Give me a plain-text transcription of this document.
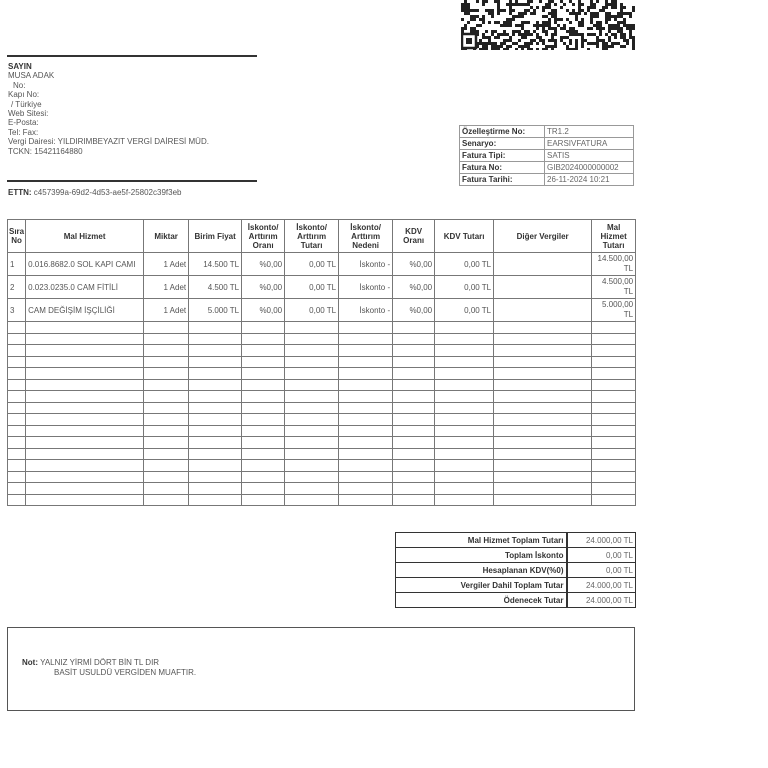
SAYIN
MUSA ADAK
No:
Kapı No:
/ Türkiye
Web Sitesi:
E-Posta:
Tel: Fax:
Vergi Dairesi: YILDIRIMBEYAZIT VERGİ DAİRESİ MÜD.
TCKN: 15421164880
ETTN: c457399a-69d2-4d53-ae5f-25802c39f3eb
Özelleştirme No:	TR1.2
Senaryo:	EARSIVFATURA
Fatura Tipi:	SATIS
Fatura No:	GIB2024000000002
Fatura Tarihi:	26-11-2024 10:21
Sıra No	Mal Hizmet	Miktar	Birim Fiyat	İskonto/ Arttırım Oranı	İskonto/ Arttırım Tutarı	İskonto/ Arttırım Nedeni	KDV Oranı	KDV Tutarı	Diğer Vergiler	Mal Hizmet Tutarı
1	0.016.8682.0 SOL KAPI CAMI	1 Adet	14.500 TL	%0,00	0,00 TL	İskonto -	%0,00	0,00 TL		14.500,00 TL
2	0.023.0235.0 CAM FİTİLİ	1 Adet	4.500 TL	%0,00	0,00 TL	İskonto -	%0,00	0,00 TL		4.500,00 TL
3	CAM DEĞİŞİM İŞÇİLİĞİ	1 Adet	5.000 TL	%0,00	0,00 TL	İskonto -	%0,00	0,00 TL		5.000,00 TL

Mal Hizmet Toplam Tutarı	24.000,00 TL
Toplam İskonto	0,00 TL
Hesaplanan KDV(%0)	0,00 TL
Vergiler Dahil Toplam Tutar	24.000,00 TL
Ödenecek Tutar	24.000,00 TL
Not: YALNIZ YİRMİ DÖRT BİN TL DIR
BASİT USULDÜ VERGİDEN MUAFTIR.
